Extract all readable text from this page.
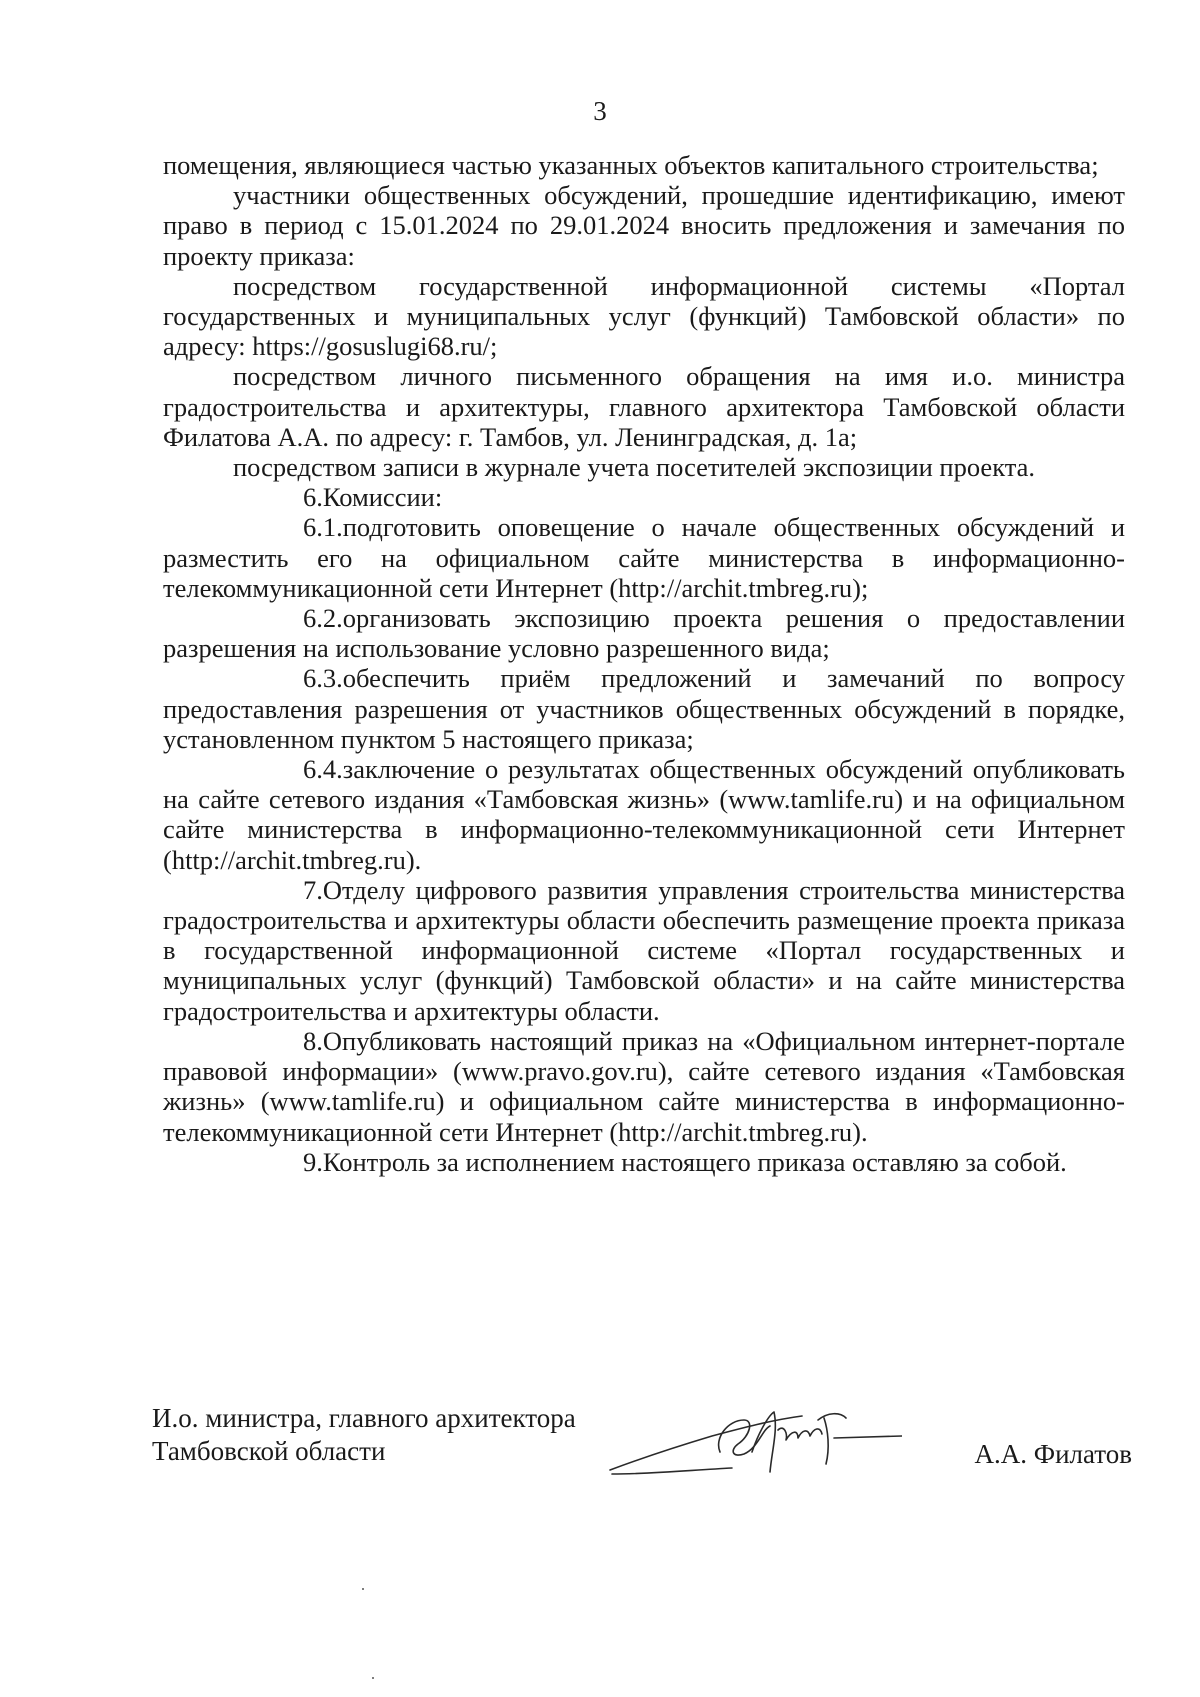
3

помещения, являющиеся частью указанных объектов капитального строительства;

участники общественных обсуждений, прошедшие идентификацию, имеют право в период с 15.01.2024 по 29.01.2024 вносить предложения и замечания по проекту приказа:

посредством государственной информационной системы «Портал государственных и муниципальных услуг (функций) Тамбовской области» по адресу: https://gosuslugi68.ru/;

посредством личного письменного обращения на имя и.о. министра градостроительства и архитектуры, главного архитектора Тамбовской области Филатова А.А. по адресу: г. Тамбов, ул. Ленинградская, д. 1а;

посредством записи в журнале учета посетителей экспозиции проекта.

6.Комиссии:

6.1.подготовить оповещение о начале общественных обсуждений и разместить его на официальном сайте министерства в информационно-телекоммуникационной сети Интернет (http://archit.tmbreg.ru);

6.2.организовать экспозицию проекта решения о предоставлении разрешения на использование условно разрешенного вида;

6.3.обеспечить приём предложений и замечаний по вопросу предоставления разрешения от участников общественных обсуждений в порядке, установленном пунктом 5 настоящего приказа;

6.4.заключение о результатах общественных обсуждений опубликовать на сайте сетевого издания «Тамбовская жизнь» (www.tamlife.ru) и на официальном сайте министерства в информационно-телекоммуникационной сети Интернет (http://archit.tmbreg.ru).

7.Отделу цифрового развития управления строительства министерства градостроительства и архитектуры области обеспечить размещение проекта приказа в государственной информационной системе «Портал государственных и муниципальных услуг (функций) Тамбовской области» и на сайте министерства градостроительства и архитектуры области.

8.Опубликовать настоящий приказ на «Официальном интернет-портале правовой информации» (www.pravo.gov.ru), сайте сетевого издания «Тамбовская жизнь» (www.tamlife.ru) и официальном сайте министерства в информационно-телекоммуникационной сети Интернет (http://archit.tmbreg.ru).

9.Контроль за исполнением настоящего приказа оставляю за собой.

И.о. министра, главного архитектора
Тамбовской области	А.А. Филатов
